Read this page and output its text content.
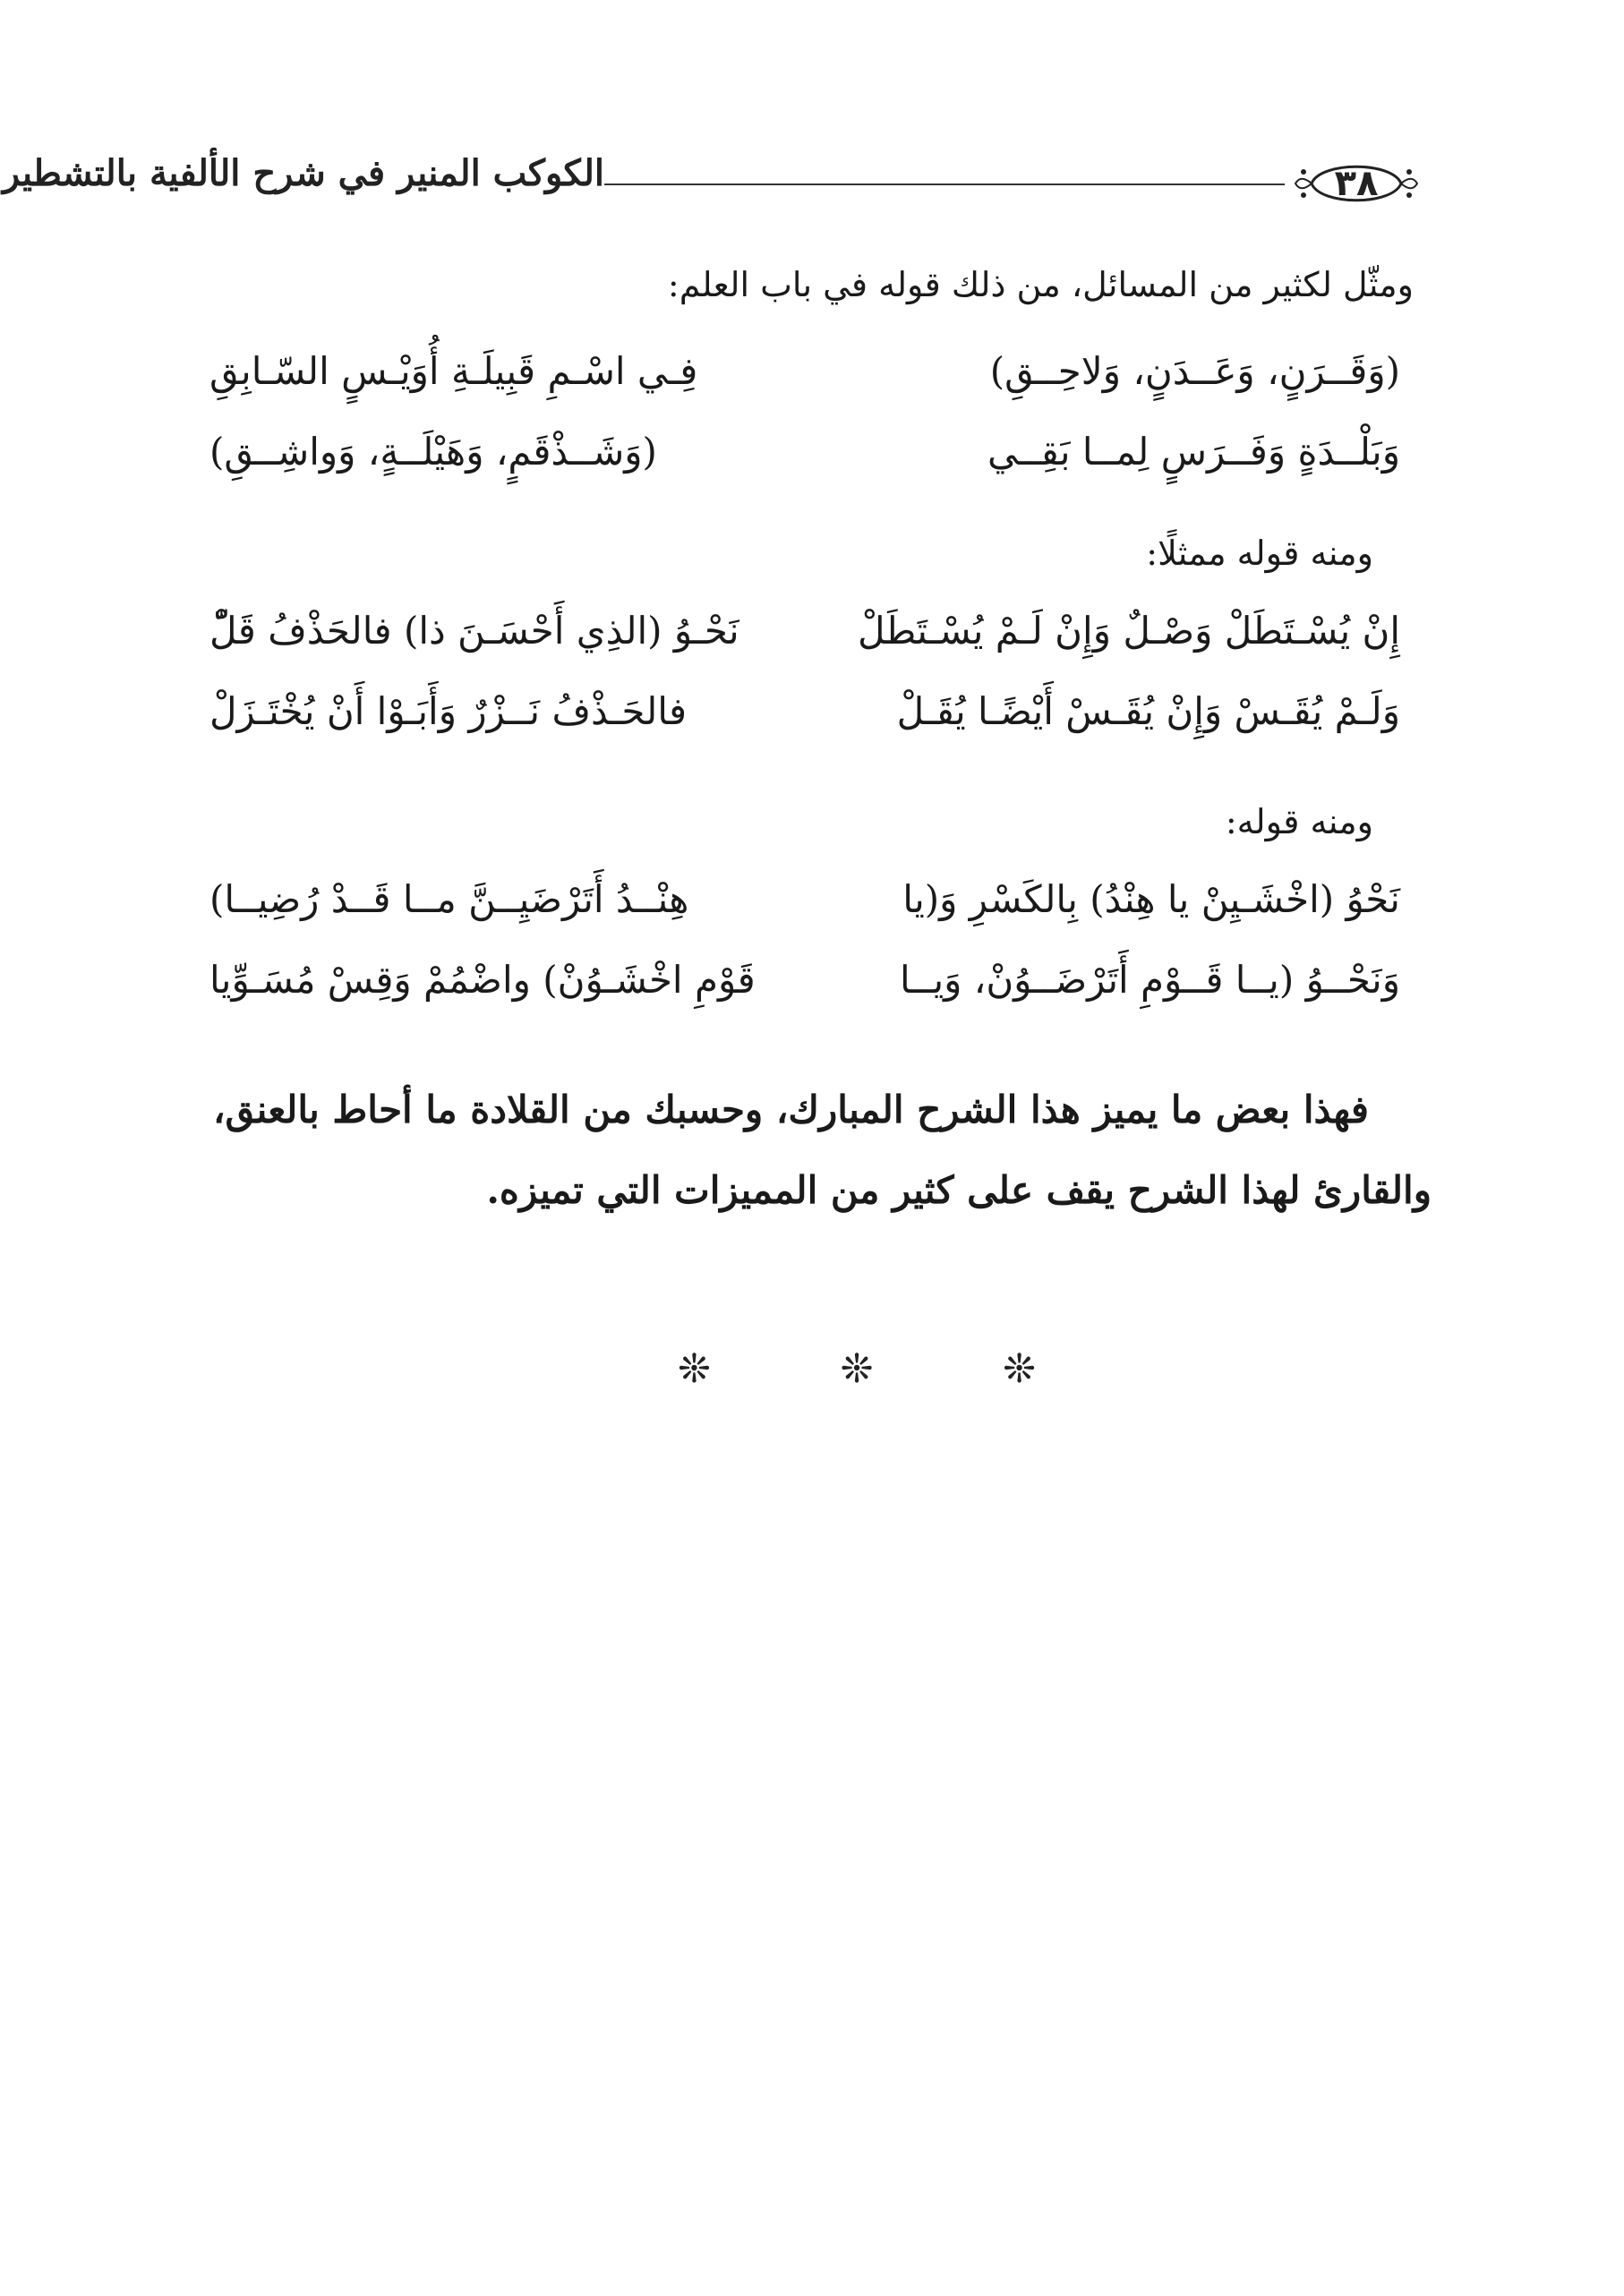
٣٨
الكوكب المنير في شرح الألفية بالتشطير
ومثّل لكثير من المسائل، من ذلك قوله في باب العلم:
(وَقَــرَنٍ، وَعَــدَنٍ، وَلاحِــقِ)
فِـي اسْـمِ قَبِيلَـةِ أُوَيْـسٍ السّـابِقِ
وَبَلْــدَةٍ وَفَــرَسٍ لِمــا بَقِــي
(وَشَــذْقَمٍ، وَهَيْلَــةٍ، وَواشِــقِ)
ومنه قوله ممثلًا:
إِنْ يُسْـتَطَلْ وَصْـلٌ وَإِنْ لَـمْ يُسْـتَطَلْ
نَحْـوُ (الذِي أَحْسَـنَ ذا) فالحَذْفُ قَلّْ
وَلَـمْ يُقَـسْ وَإِنْ يُقَـسْ أَيْضًـا يُقَـلْ
فالحَـذْفُ نَــزْرٌ وَأَبَـوْا أَنْ يُخْتَـزَلْ
ومنه قوله:
نَحْوُ (اخْشَـيِنْ يا هِنْدُ) بِالكَسْرِ وَ(يا
هِنْــدُ أَتَرْضَيِــنَّ مــا قَــدْ رُضِيــا)
وَنَحْــوُ (يــا قَــوْمِ أَتَرْضَــوُنْ، وَيــا
قَوْمِ اخْشَـوُنْ) واضْمُمْ وَقِسْ مُسَـوِّيا
فهذا بعض ما يميز هذا الشرح المبارك، وحسبك من القلادة ما أحاط بالعنق،
والقارئ لهذا الشرح يقف على كثير من المميزات التي تميزه.
❊
❊
❊
